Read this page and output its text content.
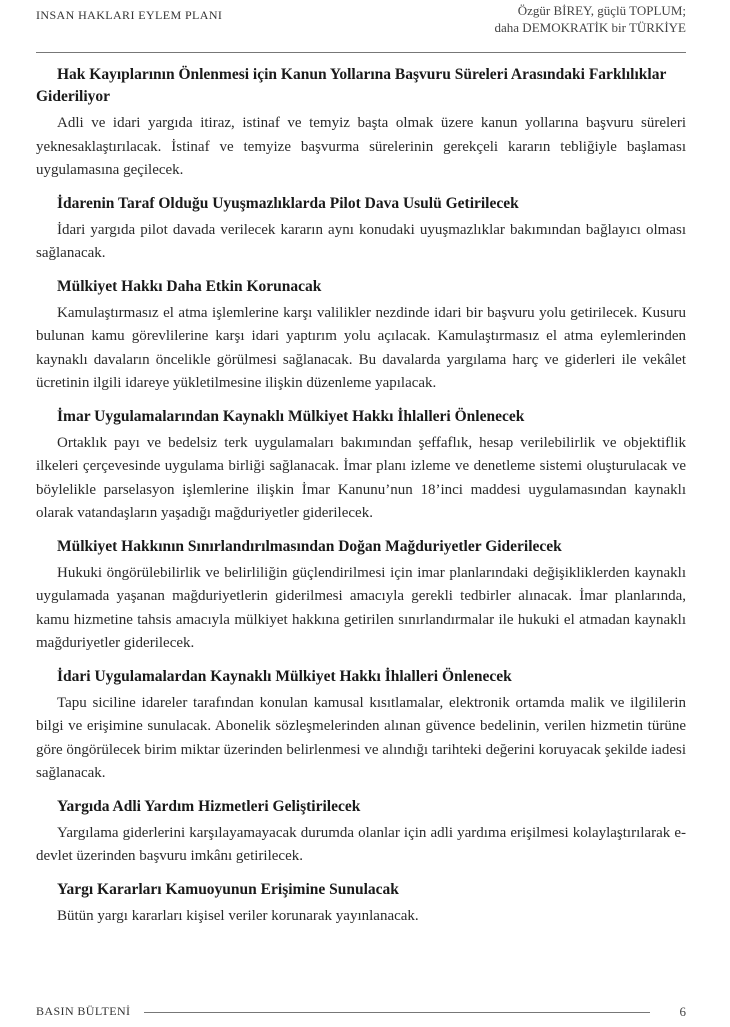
INSAN HAKLARI EYLEM PLANI	Özgür BİREY, güçlü TOPLUM;
daha DEMOKRATİK bir TÜRKİYE
Hak Kayıplarının Önlenmesi için Kanun Yollarına Başvuru Süreleri Arasındaki Farklılıklar Gideriliyor
Adli ve idari yargıda itiraz, istinaf ve temyiz başta olmak üzere kanun yollarına başvuru süreleri yeknesaklaştırılacak. İstinaf ve temyize başvurma sürelerinin gerekçeli kararın tebliğiyle başlaması uygulamasına geçilecek.
İdarenin Taraf Olduğu Uyuşmazlıklarda Pilot Dava Usulü Getirilecek
İdari yargıda pilot davada verilecek kararın aynı konudaki uyuşmazlıklar bakımından bağlayıcı olması sağlanacak.
Mülkiyet Hakkı Daha Etkin Korunacak
Kamulaştırmasız el atma işlemlerine karşı valilikler nezdinde idari bir başvuru yolu getirilecek. Kusuru bulunan kamu görevlilerine karşı idari yaptırım yolu açılacak. Kamulaştırmasız el atma eylemlerinden kaynaklı davaların öncelikle görülmesi sağlanacak. Bu davalarda yargılama harç ve giderleri ile vekâlet ücretinin ilgili idareye yükletilmesine ilişkin düzenleme yapılacak.
İmar Uygulamalarından Kaynaklı Mülkiyet Hakkı İhlalleri Önlenecek
Ortaklık payı ve bedelsiz terk uygulamaları bakımından şeffaflık, hesap verilebilirlik ve objektiflik ilkeleri çerçevesinde uygulama birliği sağlanacak. İmar planı izleme ve denetleme sistemi oluşturulacak ve böylelikle parselasyon işlemlerine ilişkin İmar Kanunu’nun 18’inci maddesi uygulamasından kaynaklı olarak vatandaşların yaşadığı mağduriyetler giderilecek.
Mülkiyet Hakkının Sınırlandırılmasından Doğan Mağduriyetler Giderilecek
Hukuki öngörülebilirlik ve belirliliğin güçlendirilmesi için imar planlarındaki değişikliklerden kaynaklı uygulamada yaşanan mağduriyetlerin giderilmesi amacıyla gerekli tedbirler alınacak. İmar planlarında, kamu hizmetine tahsis amacıyla mülkiyet hakkına getirilen sınırlandırmalar ile hukuki el atmadan kaynaklı mağduriyetler giderilecek.
İdari Uygulamalardan Kaynaklı Mülkiyet Hakkı İhlalleri Önlenecek
Tapu siciline idareler tarafından konulan kamusal kısıtlamalar, elektronik ortamda malik ve ilgililerin bilgi ve erişimine sunulacak. Abonelik sözleşmelerinden alınan güvence bedelinin, verilen hizmetin türüne göre öngörülecek birim miktar üzerinden belirlenmesi ve alındığı tarihteki değerini koruyacak şekilde iadesi sağlanacak.
Yargıda Adli Yardım Hizmetleri Geliştirilecek
Yargılama giderlerini karşılayamayacak durumda olanlar için adli yardıma erişilmesi kolaylaştırılarak e-devlet üzerinden başvuru imkânı getirilecek.
Yargı Kararları Kamuoyunun Erişimine Sunulacak
Bütün yargı kararları kişisel veriler korunarak yayınlanacak.
BASIN BÜLTENİ	6
